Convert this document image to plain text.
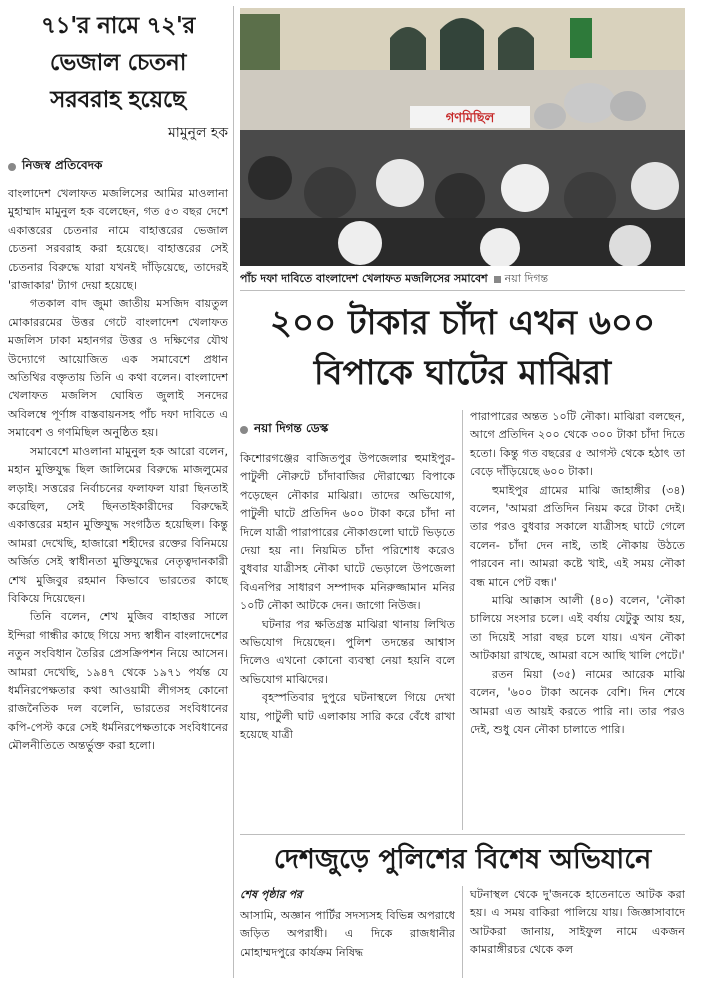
৭১'র নামে ৭২'র
ভেজাল চেতনা
সরবরাহ হয়েছে
মামুনুল হক
নিজস্ব প্রতিবেদক

বাংলাদেশ খেলাফত মজলিসের আমির মাওলানা মুহাম্মাদ মামুনুল হক বলেছেন, গত ৫৩ বছর দেশে একাত্তরের চেতনার নামে বাহাত্তরের ভেজাল চেতনা সরবরাহ করা হয়েছে। বাহাত্তরের সেই চেতনার বিরুদ্ধে যারা যখনই দাঁড়িয়েছে, তাদেরই 'রাজাকার' ট্যাগ দেয়া হয়েছে।

গতকাল বাদ জুমা জাতীয় মসজিদ বায়তুল মোকাররমের উত্তর গেটে বাংলাদেশ খেলাফত মজলিস ঢাকা মহানগর উত্তর ও দক্ষিণের যৌথ উদ্যোগে আয়োজিত এক সমাবেশে প্রধান অতিথির বক্তৃতায় তিনি এ কথা বলেন। বাংলাদেশ খেলাফত মজলিস ঘোষিত জুলাই সনদের অবিলম্বে পূর্ণাঙ্গ বাস্তবায়নসহ পাঁচ দফা দাবিতে এ সমাবেশ ও গণমিছিল অনুষ্ঠিত হয়।

সমাবেশে মাওলানা মামুনুল হক আরো বলেন, মহান মুক্তিযুদ্ধ ছিল জালিমের বিরুদ্ধে মাজলুমের লড়াই। সত্তরের নির্বাচনের ফলাফল যারা ছিনতাই করেছিল, সেই ছিনতাইকারীদের বিরুদ্ধেই একাত্তরের মহান মুক্তিযুদ্ধ সংগঠিত হয়েছিল। কিন্তু আমরা দেখেছি, হাজারো শহীদের রক্তের বিনিময়ে অর্জিত সেই স্বাধীনতা মুক্তিযুদ্ধের নেতৃত্বদানকারী শেখ মুজিবুর রহমান কিভাবে ভারতের কাছে বিকিয়ে দিয়েছেন।

তিনি বলেন, শেখ মুজিব বাহাত্তর সালে ইন্দিরা গান্ধীর কাছে গিয়ে সদ্য স্বাধীন বাংলাদেশের নতুন সংবিধান তৈরির প্রেসক্রিপশন নিয়ে আসেন। আমরা দেখেছি, ১৯৪৭ থেকে ১৯৭১ পর্যন্ত যে ধর্মনিরপেক্ষতার কথা আওয়ামী লীগসহ কোনো রাজনৈতিক দল বলেনি, ভারতের সংবিধানের কপি-পেস্ট করে সেই ধর্মনিরপেক্ষতাকে সংবিধানের মৌলনীতিতে অন্তর্ভুক্ত করা হলো।

গণমিছিল
পাঁচ দফা দাবিতে বাংলাদেশ খেলাফত মজলিসের সমাবেশ নয়া দিগন্ত
২০০ টাকার চাঁদা এখন ৬০০
বিপাকে ঘাটের মাঝিরা
নয়া দিগন্ত ডেস্ক

কিশোরগঞ্জের বাজিতপুর উপজেলার হুমাইপুর-পাটুলী নৌরুটে চাঁদাবাজির দৌরাত্ম্যে বিপাকে পড়েছেন নৌকার মাঝিরা। তাদের অভিযোগ, পাটুলী ঘাটে প্রতিদিন ৬০০ টাকা করে চাঁদা না দিলে যাত্রী পারাপারের নৌকাগুলো ঘাটে ভিড়তে দেয়া হয় না। নিয়মিত চাঁদা পরিশোধ করেও বুধবার যাত্রীসহ নৌকা ঘাটে ভেড়ালে উপজেলা বিএনপির সাধারণ সম্পাদক মনিরুজ্জামান মনির ১০টি নৌকা আটকে দেন। জাগো নিউজ।

ঘটনার পর ক্ষতিগ্রস্ত মাঝিরা থানায় লিখিত অভিযোগ দিয়েছেন। পুলিশ তদন্তের আশ্বাস দিলেও এখনো কোনো ব্যবস্থা নেয়া হয়নি বলে অভিযোগ মাঝিদের।

বৃহস্পতিবার দুপুরে ঘটনাস্থলে গিয়ে দেখা যায়, পাটুলী ঘাট এলাকায় সারি করে বেঁধে রাখা হয়েছে যাত্রী

পারাপারের অন্তত ১০টি নৌকা। মাঝিরা বলছেন, আগে প্রতিদিন ২০০ থেকে ৩০০ টাকা চাঁদা দিতে হতো। কিন্তু গত বছরের ৫ আগস্ট থেকে হঠাৎ তা বেড়ে দাঁড়িয়েছে ৬০০ টাকা।

হুমাইপুর গ্রামের মাঝি জাহাঙ্গীর (৩৪) বলেন, 'আমরা প্রতিদিন নিয়ম করে টাকা দেই। তার পরও বুধবার সকালে যাত্রীসহ ঘাটে গেলে বলেন- চাঁদা দেন নাই, তাই নৌকায় উঠতে পারবেন না। আমরা কষ্টে খাই, এই সময় নৌকা বন্ধ মানে পেট বন্ধ।'

মাঝি আক্কাস আলী (৪০) বলেন, 'নৌকা চালিয়ে সংসার চলে। এই বর্ষায় যেটুকু আয় হয়, তা দিয়েই সারা বছর চলে যায়। এখন নৌকা আটকায়া রাখছে, আমরা বসে আছি খালি পেটে।'

রতন মিয়া (৩৫) নামের আরেক মাঝি বলেন, '৬০০ টাকা অনেক বেশি। দিন শেষে আমরা এত আয়ই করতে পারি না। তার পরও দেই, শুধু যেন নৌকা চালাতে পারি।

দেশজুড়ে পুলিশের বিশেষ অভিযানে
শেষ পৃষ্ঠার পর

আসামি, অজ্ঞান পার্টির সদস্যসহ বিভিন্ন অপরাধে জড়িত অপরাধী। এ দিকে রাজধানীর মোহাম্মদপুরে কার্যক্রম নিষিদ্ধ

ঘটনাস্থল থেকে দু'জনকে হাতেনাতে আটক করা হয়। এ সময় বাকিরা পালিয়ে যায়। জিজ্ঞাসাবাদে আটকরা জানায়, সাইফুল নামে একজন কামরাঙ্গীরচর থেকে কল
